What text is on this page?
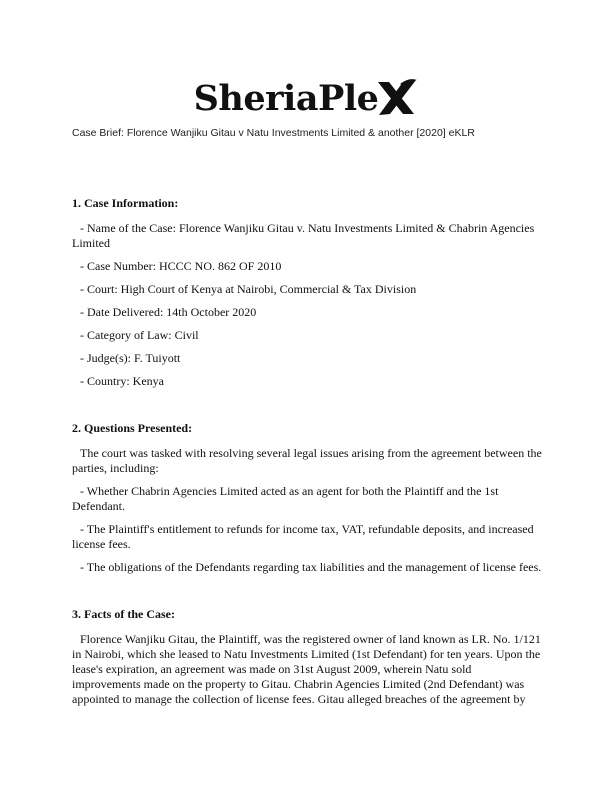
SheriaPle
Case Brief: Florence Wanjiku Gitau v Natu Investments Limited & another [2020] eKLR
1. Case Information:

- Name of the Case: Florence Wanjiku Gitau v. Natu Investments Limited & Chabrin Agencies Limited

- Case Number: HCCC NO. 862 OF 2010

- Court: High Court of Kenya at Nairobi, Commercial & Tax Division

- Date Delivered: 14th October 2020

- Category of Law: Civil

- Judge(s): F. Tuiyott

- Country: Kenya

2. Questions Presented:

The court was tasked with resolving several legal issues arising from the agreement between the parties, including:

- Whether Chabrin Agencies Limited acted as an agent for both the Plaintiff and the 1st Defendant.

- The Plaintiff's entitlement to refunds for income tax, VAT, refundable deposits, and increased license fees.

- The obligations of the Defendants regarding tax liabilities and the management of license fees.

3. Facts of the Case:

Florence Wanjiku Gitau, the Plaintiff, was the registered owner of land known as LR. No. 1/121 in Nairobi, which she leased to Natu Investments Limited (1st Defendant) for ten years. Upon the lease's expiration, an agreement was made on 31st August 2009, wherein Natu sold improvements made on the property to Gitau. Chabrin Agencies Limited (2nd Defendant) was appointed to manage the collection of license fees. Gitau alleged breaches of the agreement by
